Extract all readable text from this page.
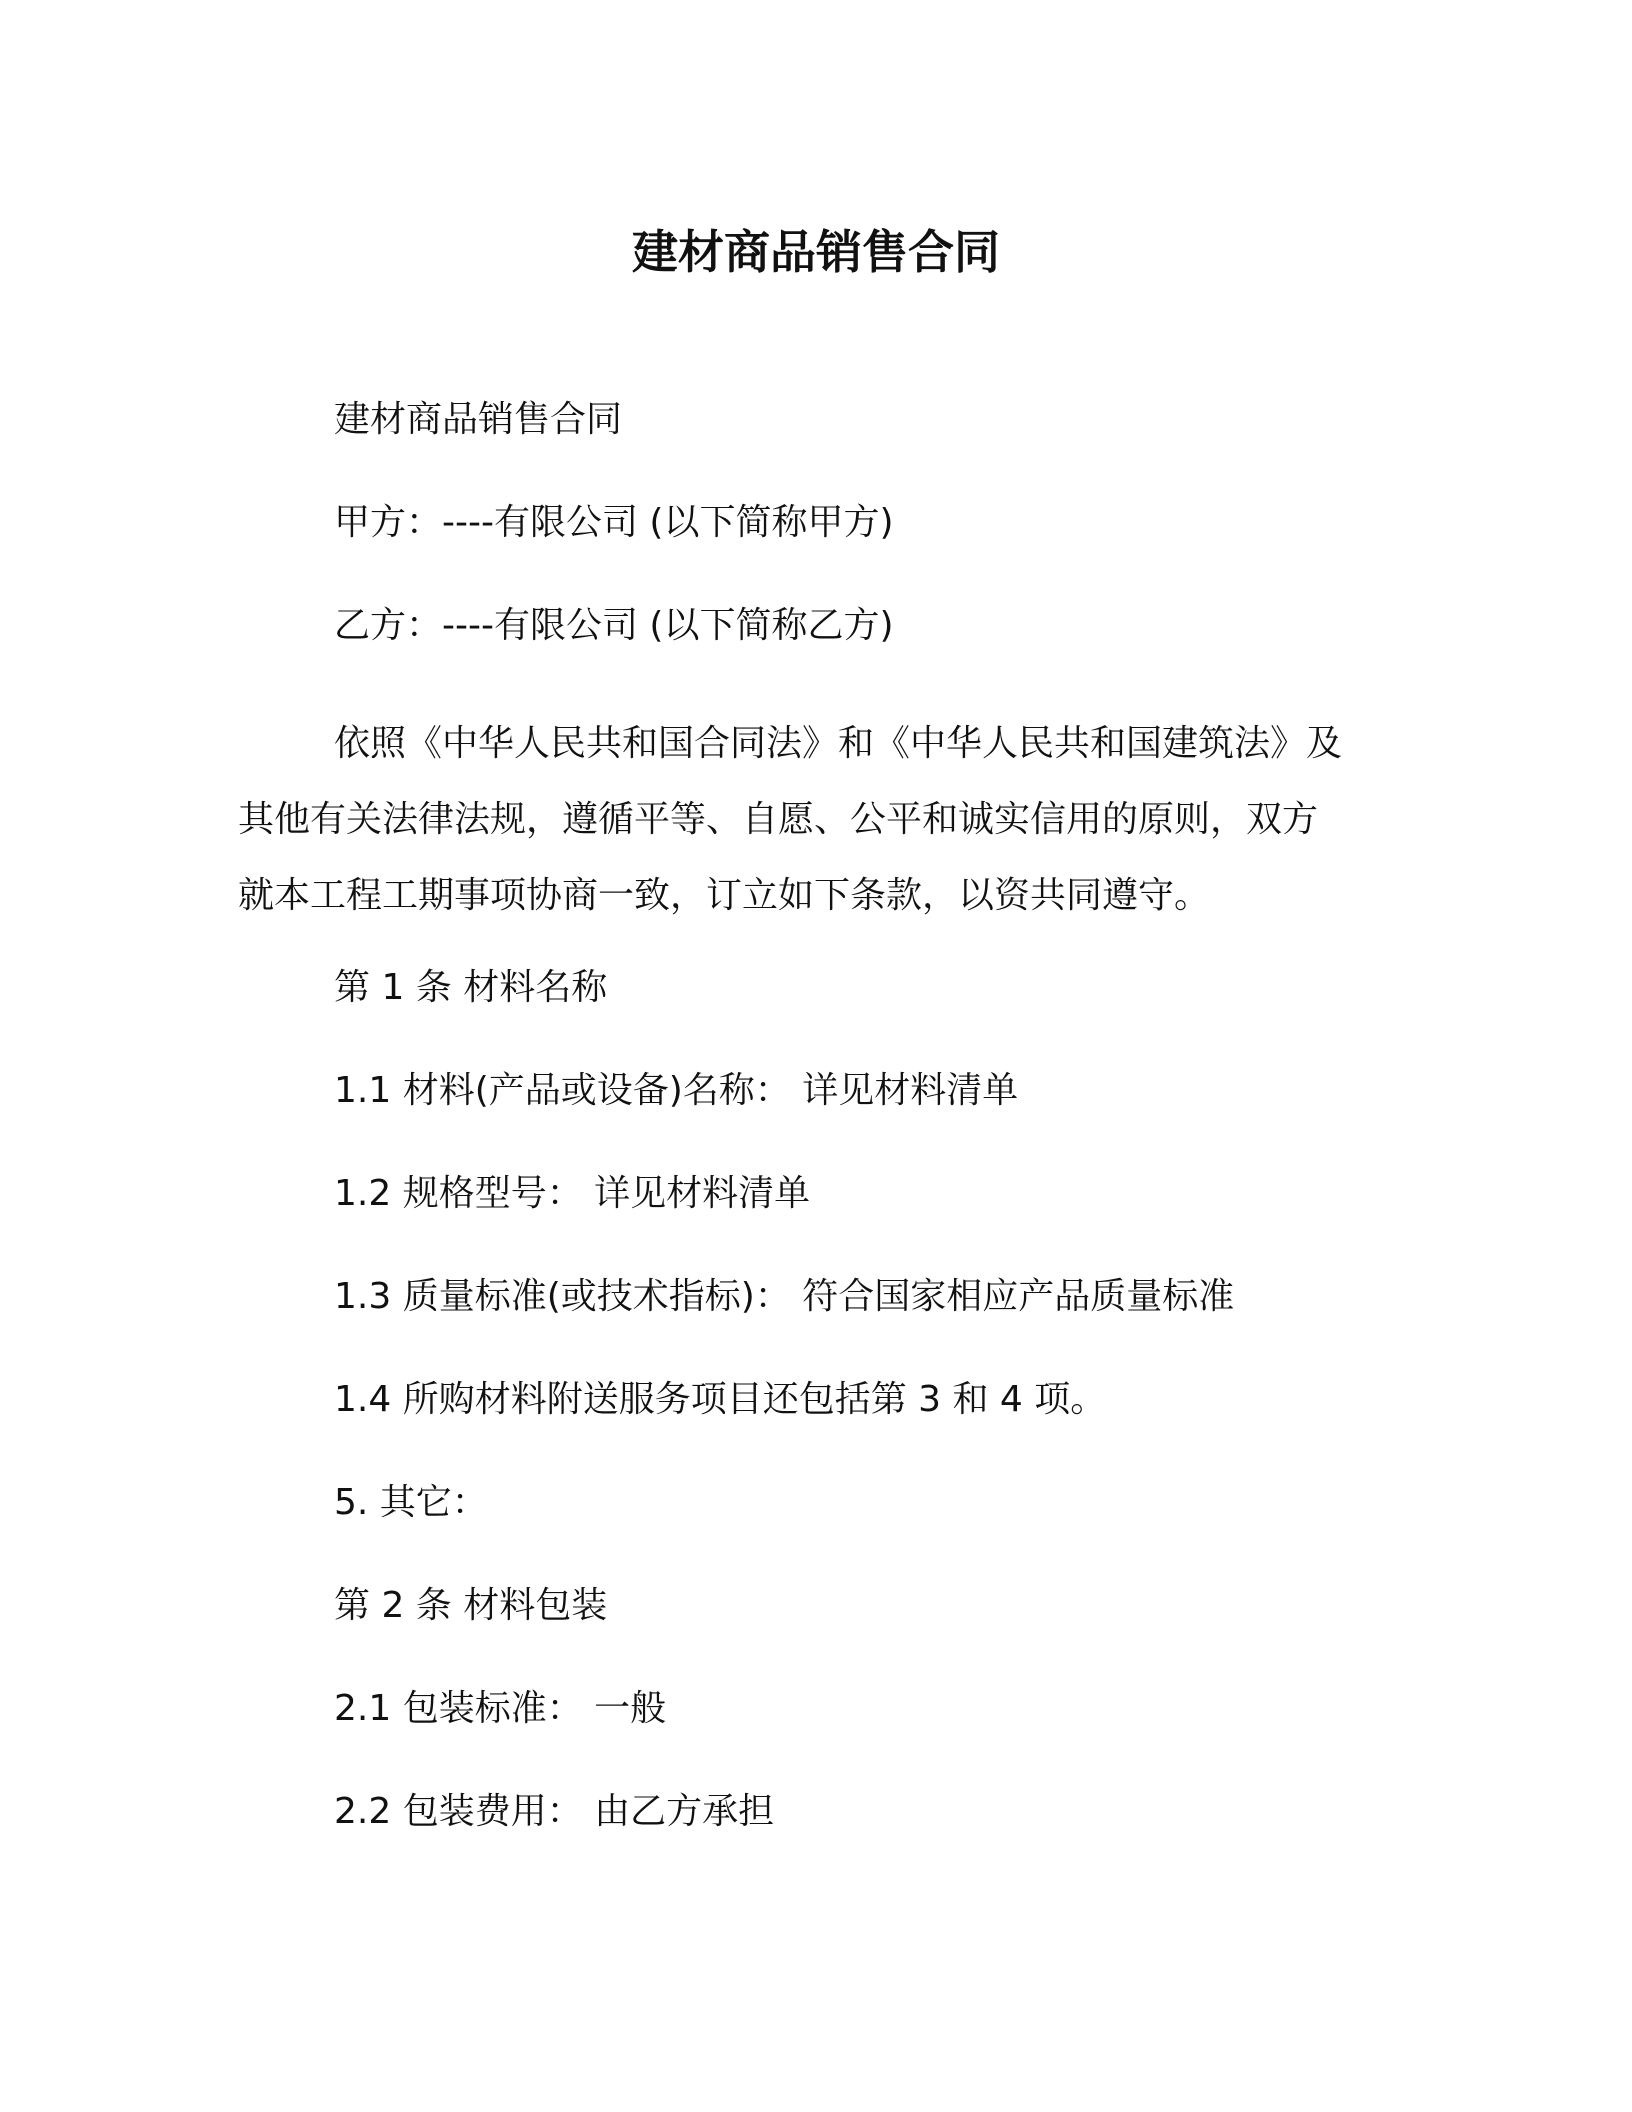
建材商品销售合同
建材商品销售合同
甲方：----有限公司 (以下简称甲方)
乙方：----有限公司 (以下简称乙方)
依照《中华人民共和国合同法》和《中华人民共和国建筑法》及
其他有关法律法规，遵循平等、自愿、公平和诚实信用的原则，双方
就本工程工期事项协商一致，订立如下条款，以资共同遵守。
第 1 条 材料名称
1.1 材料(产品或设备)名称： 详见材料清单
1.2 规格型号： 详见材料清单
1.3 质量标准(或技术指标)： 符合国家相应产品质量标准
1.4 所购材料附送服务项目还包括第 3 和 4 项。
5. 其它：
第 2 条 材料包装
2.1 包装标准： 一般
2.2 包装费用： 由乙方承担
